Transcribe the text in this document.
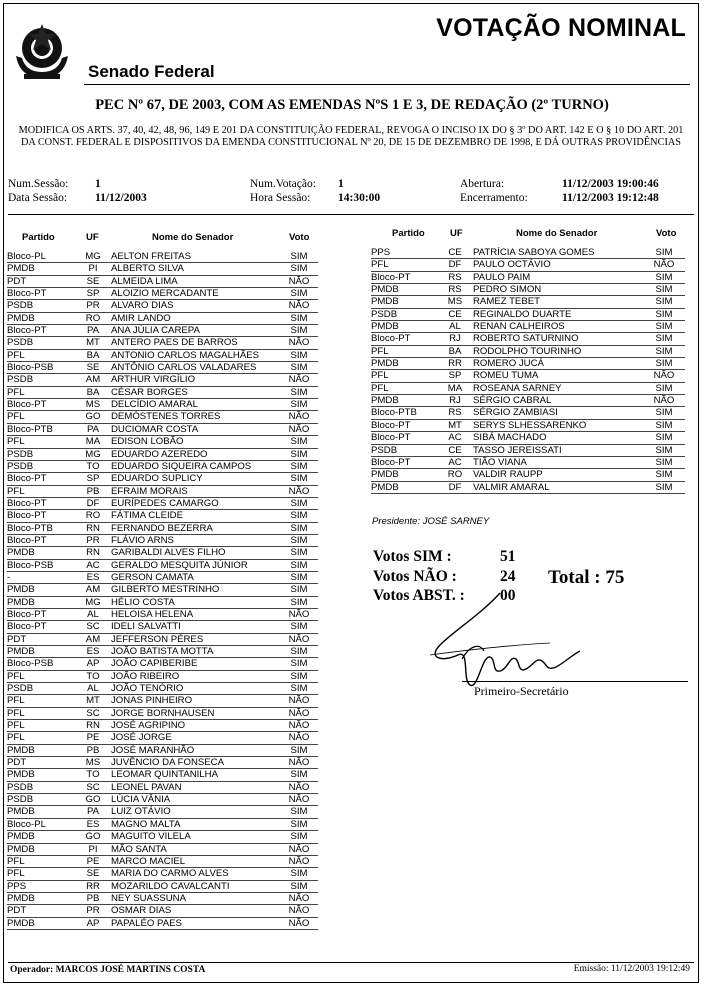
Senado Federal
VOTAÇÃO NOMINAL
PEC Nº 67, DE 2003, COM AS EMENDAS NºS 1 E 3, DE REDAÇÃO (2º TURNO)
MODIFICA OS ARTS. 37, 40, 42, 48, 96, 149 E 201 DA CONSTITUIÇÃO FEDERAL, REVOGA O INCISO IX DO § 3º DO ART. 142 E O § 10 DO ART. 201 DA CONST. FEDERAL E DISPOSITIVOS DA EMENDA CONSTITUCIONAL Nº 20, DE 15 DE DEZEMBRO DE 1998, E DÁ OUTRAS PROVIDÊNCIAS
Num.Sessão: 1
Data Sessão: 11/12/2003
Num.Votação: 1
Hora Sessão: 14:30:00
Abertura:	11/12/2003 19:00:46
Encerramento:	11/12/2003 19:12:48
Partido	UF	Nome do Senador	Voto	Partido	UF	Nome do Senador	Voto
Bloco-PL	MG	AELTON FREITAS	SIM
PMDB	PI	ALBERTO SILVA	SIM
PDT	SE	ALMEIDA LIMA	NÃO
Bloco-PT	SP	ALOIZIO MERCADANTE	SIM
PSDB	PR	ALVARO DIAS	NÃO
PMDB	RO	AMIR LANDO	SIM
Bloco-PT	PA	ANA JÚLIA CAREPA	SIM
PSDB	MT	ANTERO PAES DE BARROS	NÃO
PFL	BA	ANTONIO CARLOS MAGALHÃES	SIM
Bloco-PSB	SE	ANTÔNIO CARLOS VALADARES	SIM
PSDB	AM	ARTHUR VIRGÍLIO	NÃO
PFL	BA	CÉSAR BORGES	SIM
Bloco-PT	MS	DELCÍDIO AMARAL	SIM
PFL	GO	DEMÓSTENES TORRES	NÃO
Bloco-PTB	PA	DUCIOMAR COSTA	NÃO
PFL	MA	EDISON LOBÃO	SIM
PSDB	MG	EDUARDO AZEREDO	SIM
PSDB	TO	EDUARDO SIQUEIRA CAMPOS	SIM
Bloco-PT	SP	EDUARDO SUPLICY	SIM
PFL	PB	EFRAIM MORAIS	NÃO
Bloco-PT	DF	EURÍPEDES CAMARGO	SIM
Bloco-PT	RO	FÁTIMA CLEIDE	SIM
Bloco-PTB	RN	FERNANDO BEZERRA	SIM
Bloco-PT	PR	FLÁVIO ARNS	SIM
PMDB	RN	GARIBALDI ALVES FILHO	SIM
Bloco-PSB	AC	GERALDO MESQUITA JÚNIOR	SIM
-	ES	GERSON CAMATA	SIM
PMDB	AM	GILBERTO MESTRINHO	SIM
PMDB	MG	HÉLIO COSTA	SIM
Bloco-PT	AL	HELOISA HELENA	NÃO
Bloco-PT	SC	IDELI SALVATTI	SIM
PDT	AM	JEFFERSON PÉRES	NÃO
PMDB	ES	JOÃO BATISTA MOTTA	SIM
Bloco-PSB	AP	JOÃO CAPIBERIBE	SIM
PFL	TO	JOÃO RIBEIRO	SIM
PSDB	AL	JOÃO TENÓRIO	SIM
PFL	MT	JONAS PINHEIRO	NÃO
PFL	SC	JORGE BORNHAUSEN	NÃO
PFL	RN	JOSÉ AGRIPINO	NÃO
PFL	PE	JOSÉ JORGE	NÃO
PMDB	PB	JOSÉ MARANHÃO	SIM
PDT	MS	JUVÊNCIO DA FONSECA	NÃO
PMDB	TO	LEOMAR QUINTANILHA	SIM
PSDB	SC	LEONEL PAVAN	NÃO
PSDB	GO	LÚCIA VÂNIA	NÃO
PMDB	PA	LUIZ OTÁVIO	SIM
Bloco-PL	ES	MAGNO MALTA	SIM
PMDB	GO	MAGUITO VILELA	SIM
PMDB	PI	MÃO SANTA	NÃO
PFL	PE	MARCO MACIEL	NÃO
PFL	SE	MARIA DO CARMO ALVES	SIM
PPS	RR	MOZARILDO CAVALCANTI	SIM
PMDB	PB	NEY SUASSUNA	NÃO
PDT	PR	OSMAR DIAS	NÃO
PMDB	AP	PAPALÉO PAES	NÃO
PPS	CE	PATRÍCIA SABOYA GOMES	SIM
PFL	DF	PAULO OCTÁVIO	NÃO
Bloco-PT	RS	PAULO PAIM	SIM
PMDB	RS	PEDRO SIMON	SIM
PMDB	MS	RAMEZ TEBET	SIM
PSDB	CE	REGINALDO DUARTE	SIM
PMDB	AL	RENAN CALHEIROS	SIM
Bloco-PT	RJ	ROBERTO SATURNINO	SIM
PFL	BA	RODOLPHO TOURINHO	SIM
PMDB	RR	ROMERO JUCÁ	SIM
PFL	SP	ROMEU TUMA	NÃO
PFL	MA	ROSEANA SARNEY	SIM
PMDB	RJ	SÉRGIO CABRAL	NÃO
Bloco-PTB	RS	SÉRGIO ZAMBIASI	SIM
Bloco-PT	MT	SERYS SLHESSARENKO	SIM
Bloco-PT	AC	SIBÁ MACHADO	SIM
PSDB	CE	TASSO JEREISSATI	SIM
Bloco-PT	AC	TIÃO VIANA	SIM
PMDB	RO	VALDIR RAUPP	SIM
PMDB	DF	VALMIR AMARAL	SIM
Presidente: JOSÉ SARNEY
Votos SIM :	51
Votos NÃO :	24
Votos ABST. : 00
Total : 75
Primeiro-Secretário
Operador: MARCOS JOSÉ MARTINS COSTA	Emissão: 11/12/2003 19:12:49
